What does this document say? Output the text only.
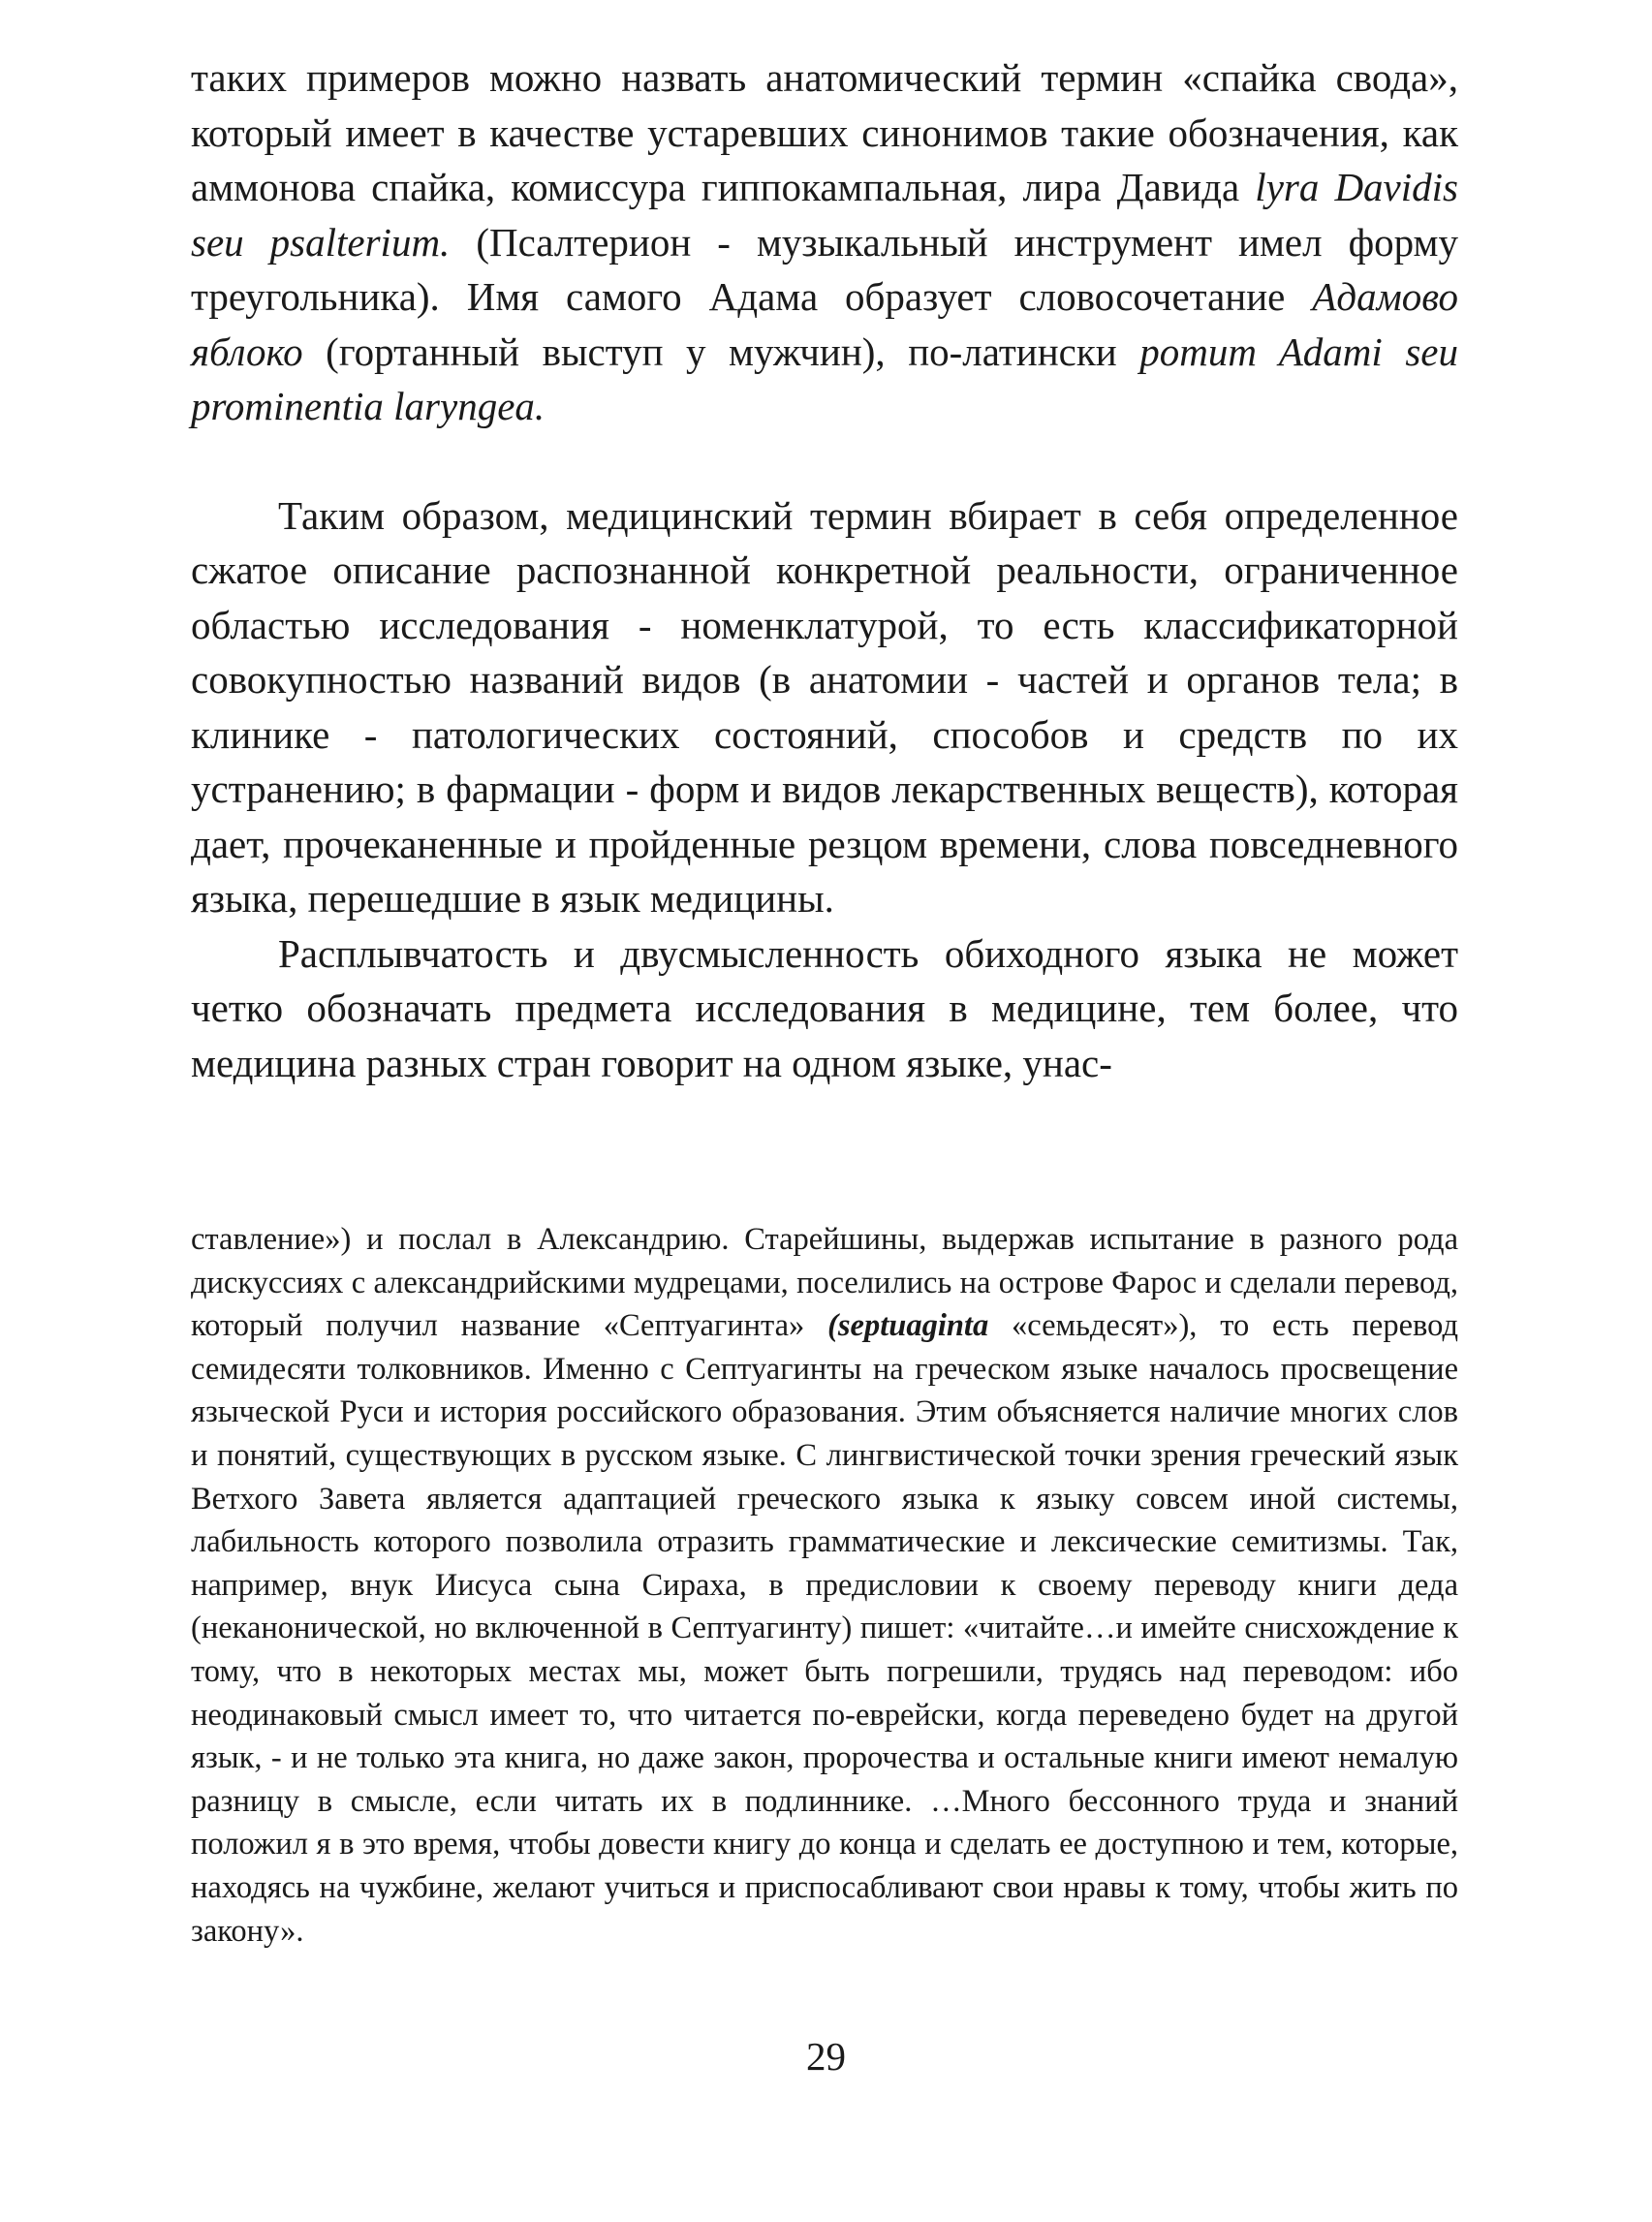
таких примеров можно назвать анатомический термин «спайка свода», который имеет в качестве устаревших синонимов такие обозначения, как аммонова спайка, комиссура гиппокампальная, лира Давида lyra Davidis seu psalterium. (Псалтерион - музыкальный инструмент имел форму треугольника). Имя самого Адама образует словосочетание Адамово яблоко (гортанный выступ у мужчин), по-латински pomum Adami seu prominentia laryngea.

Таким образом, медицинский термин вбирает в себя определенное сжатое описание распознанной конкретной реальности, ограниченное областью исследования - номенклатурой, то есть классификаторной совокупностью названий видов (в анатомии - частей и органов тела; в клинике - патологических состояний, способов и средств по их устранению; в фармации - форм и видов лекарственных веществ), которая дает, прочеканенные и пройденные резцом времени, слова повседневного языка, перешедшие в язык медицины.

Расплывчатость и двусмысленность обиходного языка не может четко обозначать предмета исследования в медицине, тем более, что медицина разных стран говорит на одном языке, унас-

ставление») и послал в Александрию. Старейшины, выдержав испытание в разного рода дискуссиях с александрийскими мудрецами, поселились на острове Фарос и сделали перевод, который получил название «Септуагинта» (septuaginta «семьдесят»), то есть перевод семидесяти толковников. Именно с Септуагинты на греческом языке началось просвещение языческой Руси и история российского образования. Этим объясняется наличие многих слов и понятий, существующих в русском языке. С лингвистической точки зрения греческий язык Ветхого Завета является адаптацией греческого языка к языку совсем иной системы, лабильность которого позволила отразить грамматические и лексические семитизмы. Так, например, внук Иисуса сына Сираха, в предисловии к своему переводу книги деда (неканонической, но включенной в Септуагинту) пишет: «читайте…и имейте снисхождение к тому, что в некоторых местах мы, может быть погрешили, трудясь над переводом: ибо неодинаковый смысл имеет то, что читается по-еврейски, когда переведено будет на другой язык, - и не только эта книга, но даже закон, пророчества и остальные книги имеют немалую разницу в смысле, если читать их в подлиннике. …Много бессонного труда и знаний положил я в это время, чтобы довести книгу до конца и сделать ее доступною и тем, которые, находясь на чужбине, желают учиться и приспосабливают свои нравы к тому, чтобы жить по закону».

29
